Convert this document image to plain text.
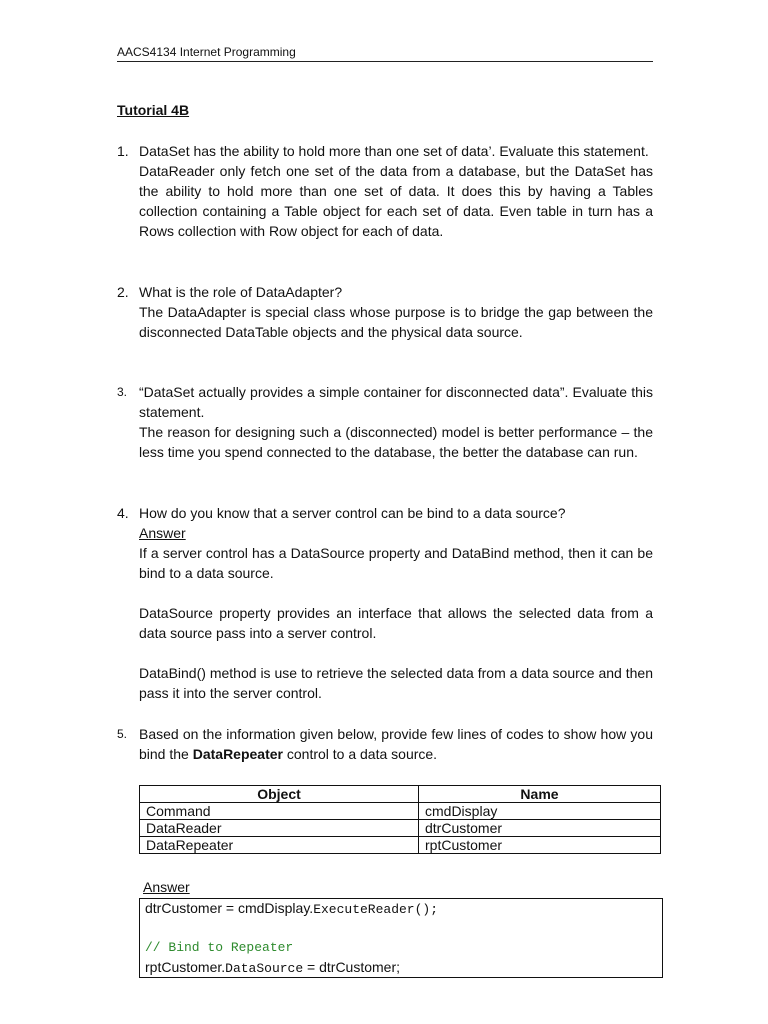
AACS4134 Internet Programming
Tutorial 4B
1. DataSet has the ability to hold more than one set of data’. Evaluate this statement.

DataReader only fetch one set of the data from a database, but the DataSet has the ability to hold more than one set of data. It does this by having a Tables collection containing a Table object for each set of data. Even table in turn has a Rows collection with Row object for each of data.

2. What is the role of DataAdapter?

The DataAdapter is special class whose purpose is to bridge the gap between the disconnected DataTable objects and the physical data source.

3. “DataSet actually provides a simple container for disconnected data”. Evaluate this statement.

The reason for designing such a (disconnected) model is better performance – the less time you spend connected to the database, the better the database can run.

4. How do you know that a server control can be bind to a data source?

Answer

If a server control has a DataSource property and DataBind method, then it can be bind to a data source.

DataSource property provides an interface that allows the selected data from a data source pass into a server control.

DataBind() method is use to retrieve the selected data from a data source and then pass it into the server control.

5. Based on the information given below, provide few lines of codes to show how you bind the DataRepeater control to a data source.

Object	Name
Command	cmdDisplay
DataReader	dtrCustomer
DataRepeater	rptCustomer
Answer
dtrCustomer = cmdDisplay.ExecuteReader();
// Bind to Repeater
rptCustomer.DataSource = dtrCustomer;
